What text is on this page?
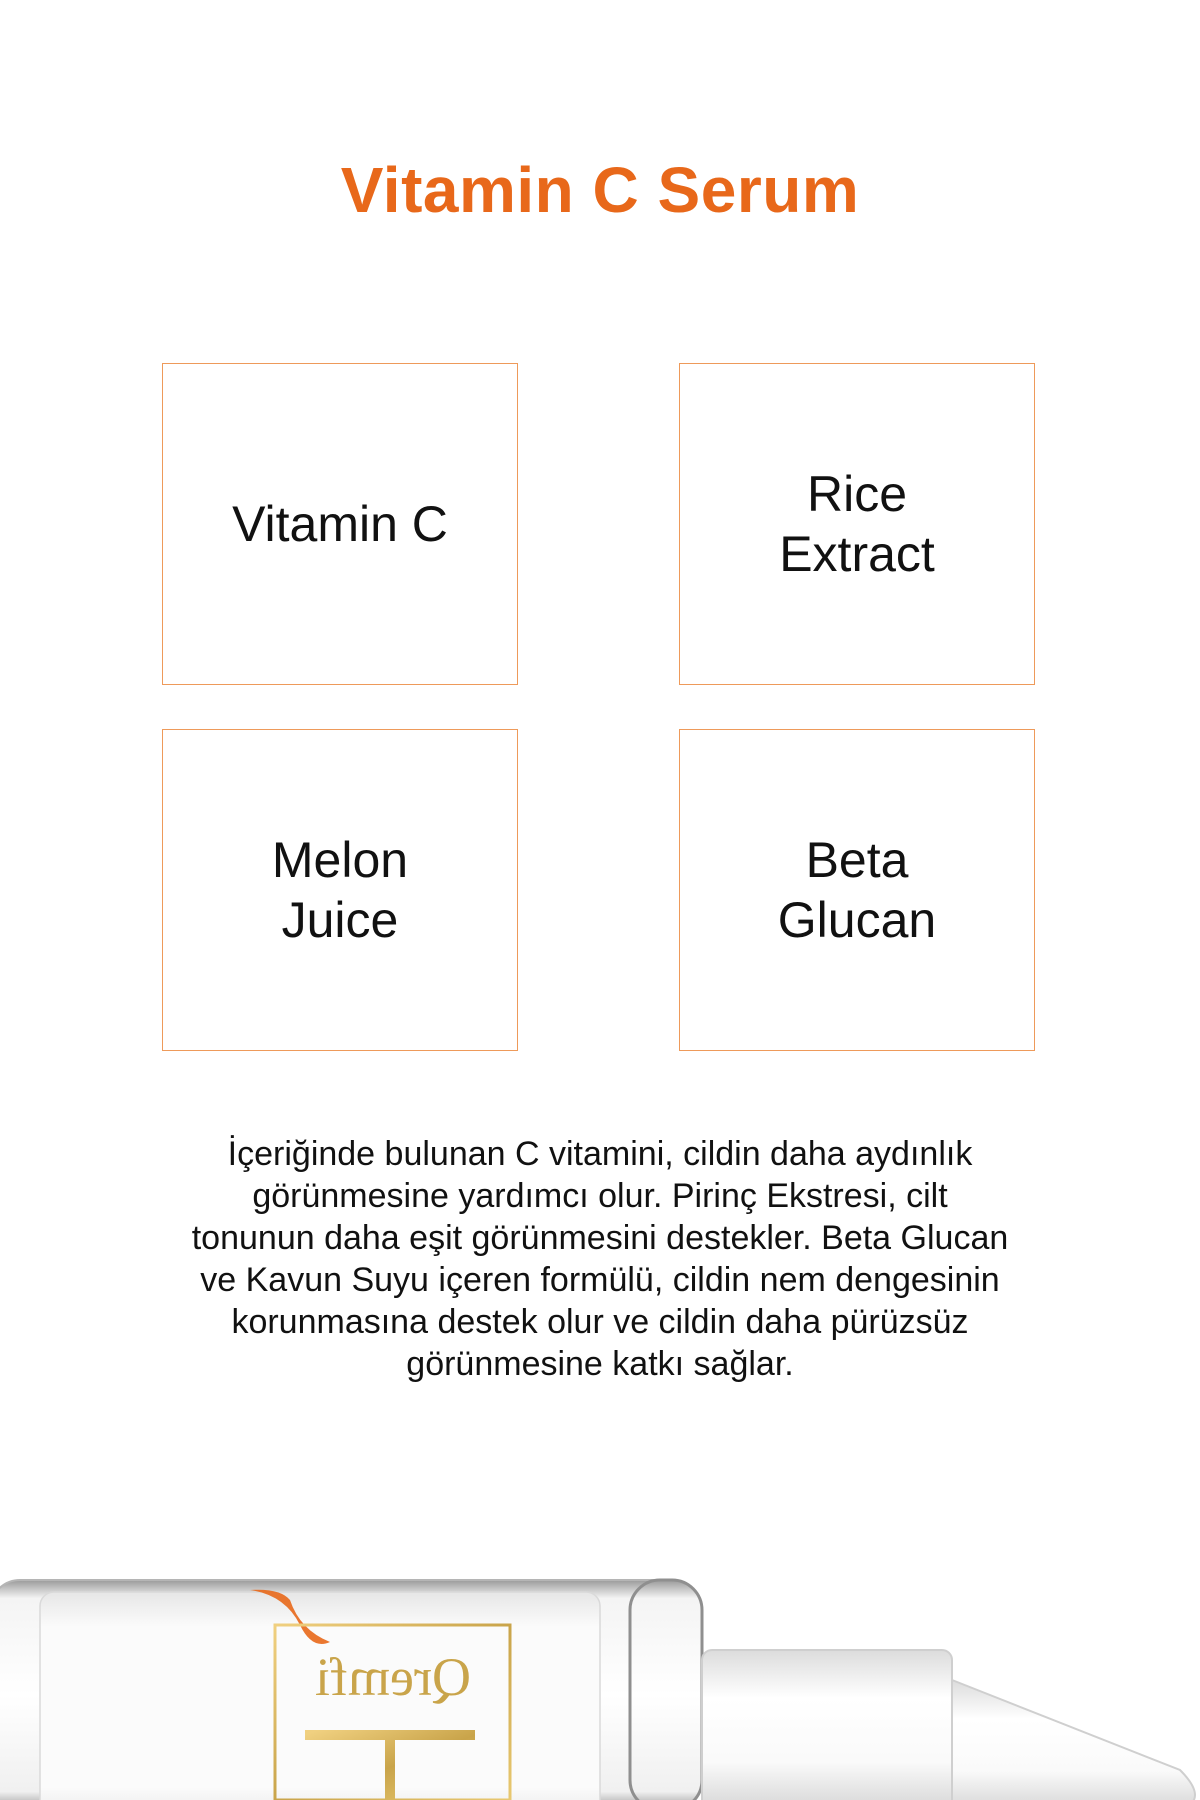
Vitamin C Serum
Vitamin C
Rice
Extract
Melon
Juice
Beta
Glucan

İçeriğinde bulunan C vitamini, cildin daha aydınlık görünmesine yardımcı olur. Pirinç Ekstresi, cilt tonunun daha eşit görünmesini destekler. Beta Glucan ve Kavun Suyu içeren formülü, cildin nem dengesinin korunmasına destek olur ve cildin daha pürüzsüz görünmesine katkı sağlar.

Qremfi
